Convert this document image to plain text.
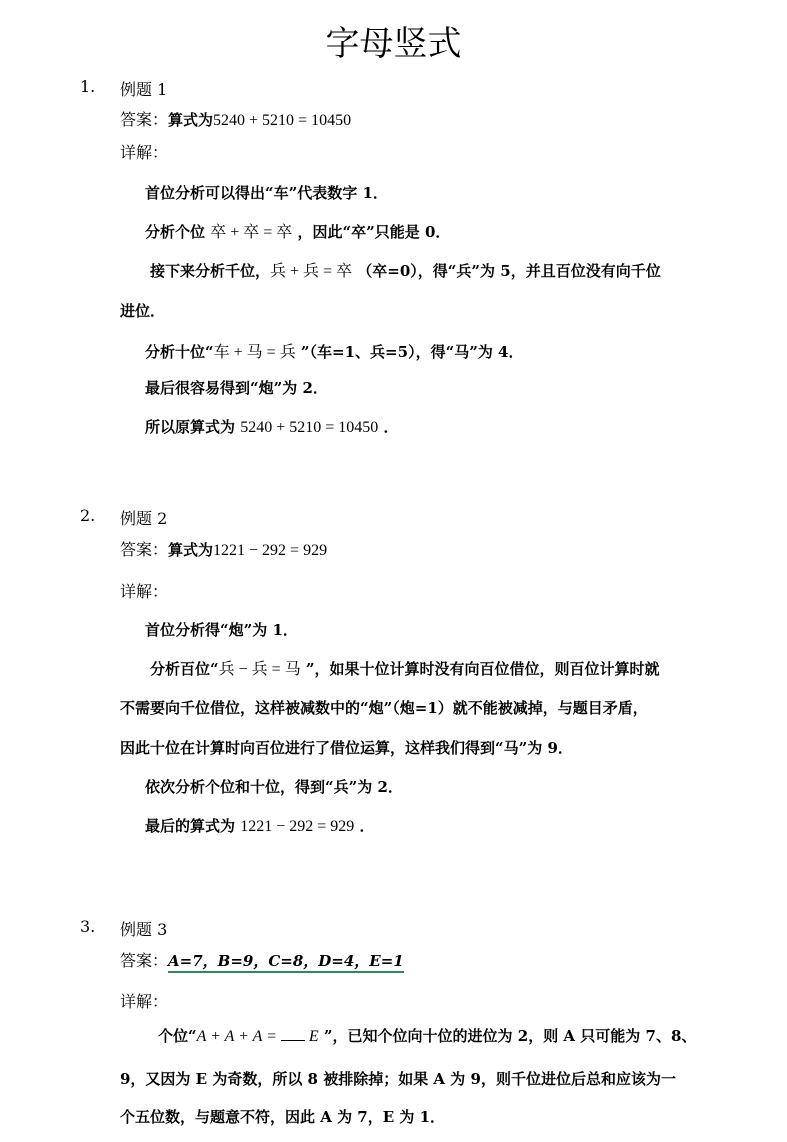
字母竖式
1. 例题 1
答案：算式为5240 + 5210 = 10450
详解：
首位分析可以得出“车”代表数字 1．
分析个位 卒 + 卒 = 卒 ，因此“卒”只能是 0．
接下来分析千位，兵 + 兵 = 卒 （卒=0），得“兵”为 5，并且百位没有向千位
进位．
分析十位“车 + 马 = 兵 ”（车=1、兵=5），得“马”为 4．
最后很容易得到“炮”为 2．
所以原算式为 5240 + 5210 = 10450 ．
2. 例题 2
答案：算式为1221 − 292 = 929
详解：
首位分析得“炮”为 1．
分析百位“兵 − 兵 = 马 ”，如果十位计算时没有向百位借位，则百位计算时就
不需要向千位借位，这样被减数中的“炮”（炮=1）就不能被减掉，与题目矛盾，
因此十位在计算时向百位进行了借位运算，这样我们得到“马”为 9．
依次分析个位和十位，得到“兵”为 2．
最后的算式为 1221 − 292 = 929 ．
3. 例题 3
答案：A=7，B=9，C=8，D=4，E=1
详解：
个位“A + A + A = E ”，已知个位向十位的进位为 2，则 A 只可能为 7、8、
9，又因为 E 为奇数，所以 8 被排除掉；如果 A 为 9，则千位进位后总和应该为一
个五位数，与题意不符，因此 A 为 7，E 为 1．
